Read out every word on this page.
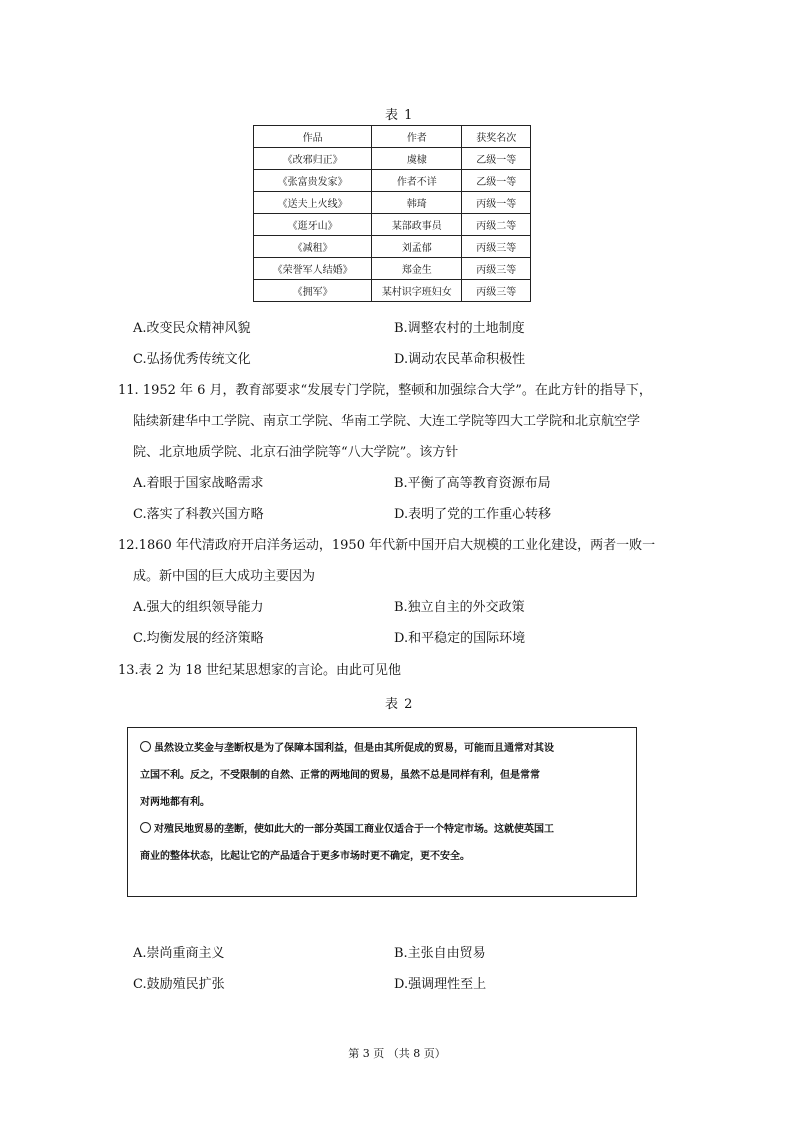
表 1
作品	作者	获奖名次
《改邪归正》	虞棣	乙级一等
《张富贵发家》	作者不详	乙级一等
《送夫上火线》	韩琦	丙级一等
《逛牙山》	某部政事员	丙级二等
《减租》	刘孟郁	丙级三等
《荣誉军人结婚》	郑金生	丙级三等
《拥军》	某村识字班妇女	丙级三等
A.改变民众精神风貌	B.调整农村的土地制度
C.弘扬优秀传统文化	D.调动农民革命积极性
11. 1952 年 6 月，教育部要求“发展专门学院，整顿和加强综合大学”。在此方针的指导下，
陆续新建华中工学院、南京工学院、华南工学院、大连工学院等四大工学院和北京航空学
院、北京地质学院、北京石油学院等“八大学院”。该方针
A.着眼于国家战略需求	B.平衡了高等教育资源布局
C.落实了科教兴国方略	D.表明了党的工作重心转移
12.1860 年代清政府开启洋务运动，1950 年代新中国开启大规模的工业化建设，两者一败一
成。新中国的巨大成功主要因为
A.强大的组织领导能力	B.独立自主的外交政策
C.均衡发展的经济策略	D.和平稳定的国际环境
13.表 2 为 18 世纪某思想家的言论。由此可见他
表 2

虽然设立奖金与垄断权是为了保障本国利益，但是由其所促成的贸易，可能而且通常对其设

立国不利。反之，不受限制的自然、正常的两地间的贸易，虽然不总是同样有利，但是常常

对两地都有利。

对殖民地贸易的垄断，使如此大的一部分英国工商业仅适合于一个特定市场。这就使英国工

商业的整体状态，比起让它的产品适合于更多市场时更不确定，更不安全。

A.崇尚重商主义	B.主张自由贸易
C.鼓励殖民扩张	D.强调理性至上
第 3 页 （共 8 页）
